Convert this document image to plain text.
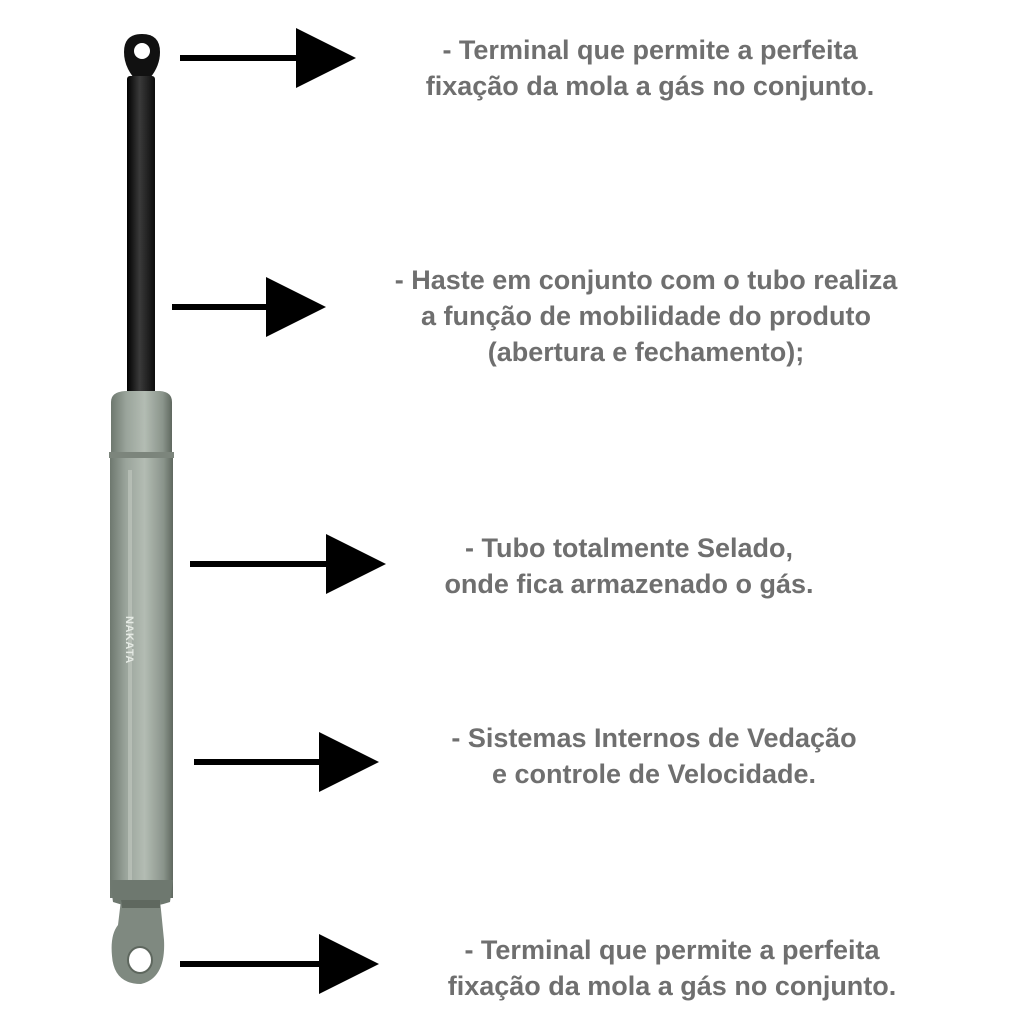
NAKATA
- Terminal que permite a perfeita
fixação da mola a gás no conjunto.
- Haste em conjunto com o tubo realiza
a função de mobilidade do produto
(abertura e fechamento);
- Tubo totalmente Selado,
onde fica armazenado o gás.
- Sistemas Internos de Vedação
e controle de Velocidade.
- Terminal que permite a perfeita
fixação da mola a gás no conjunto.
